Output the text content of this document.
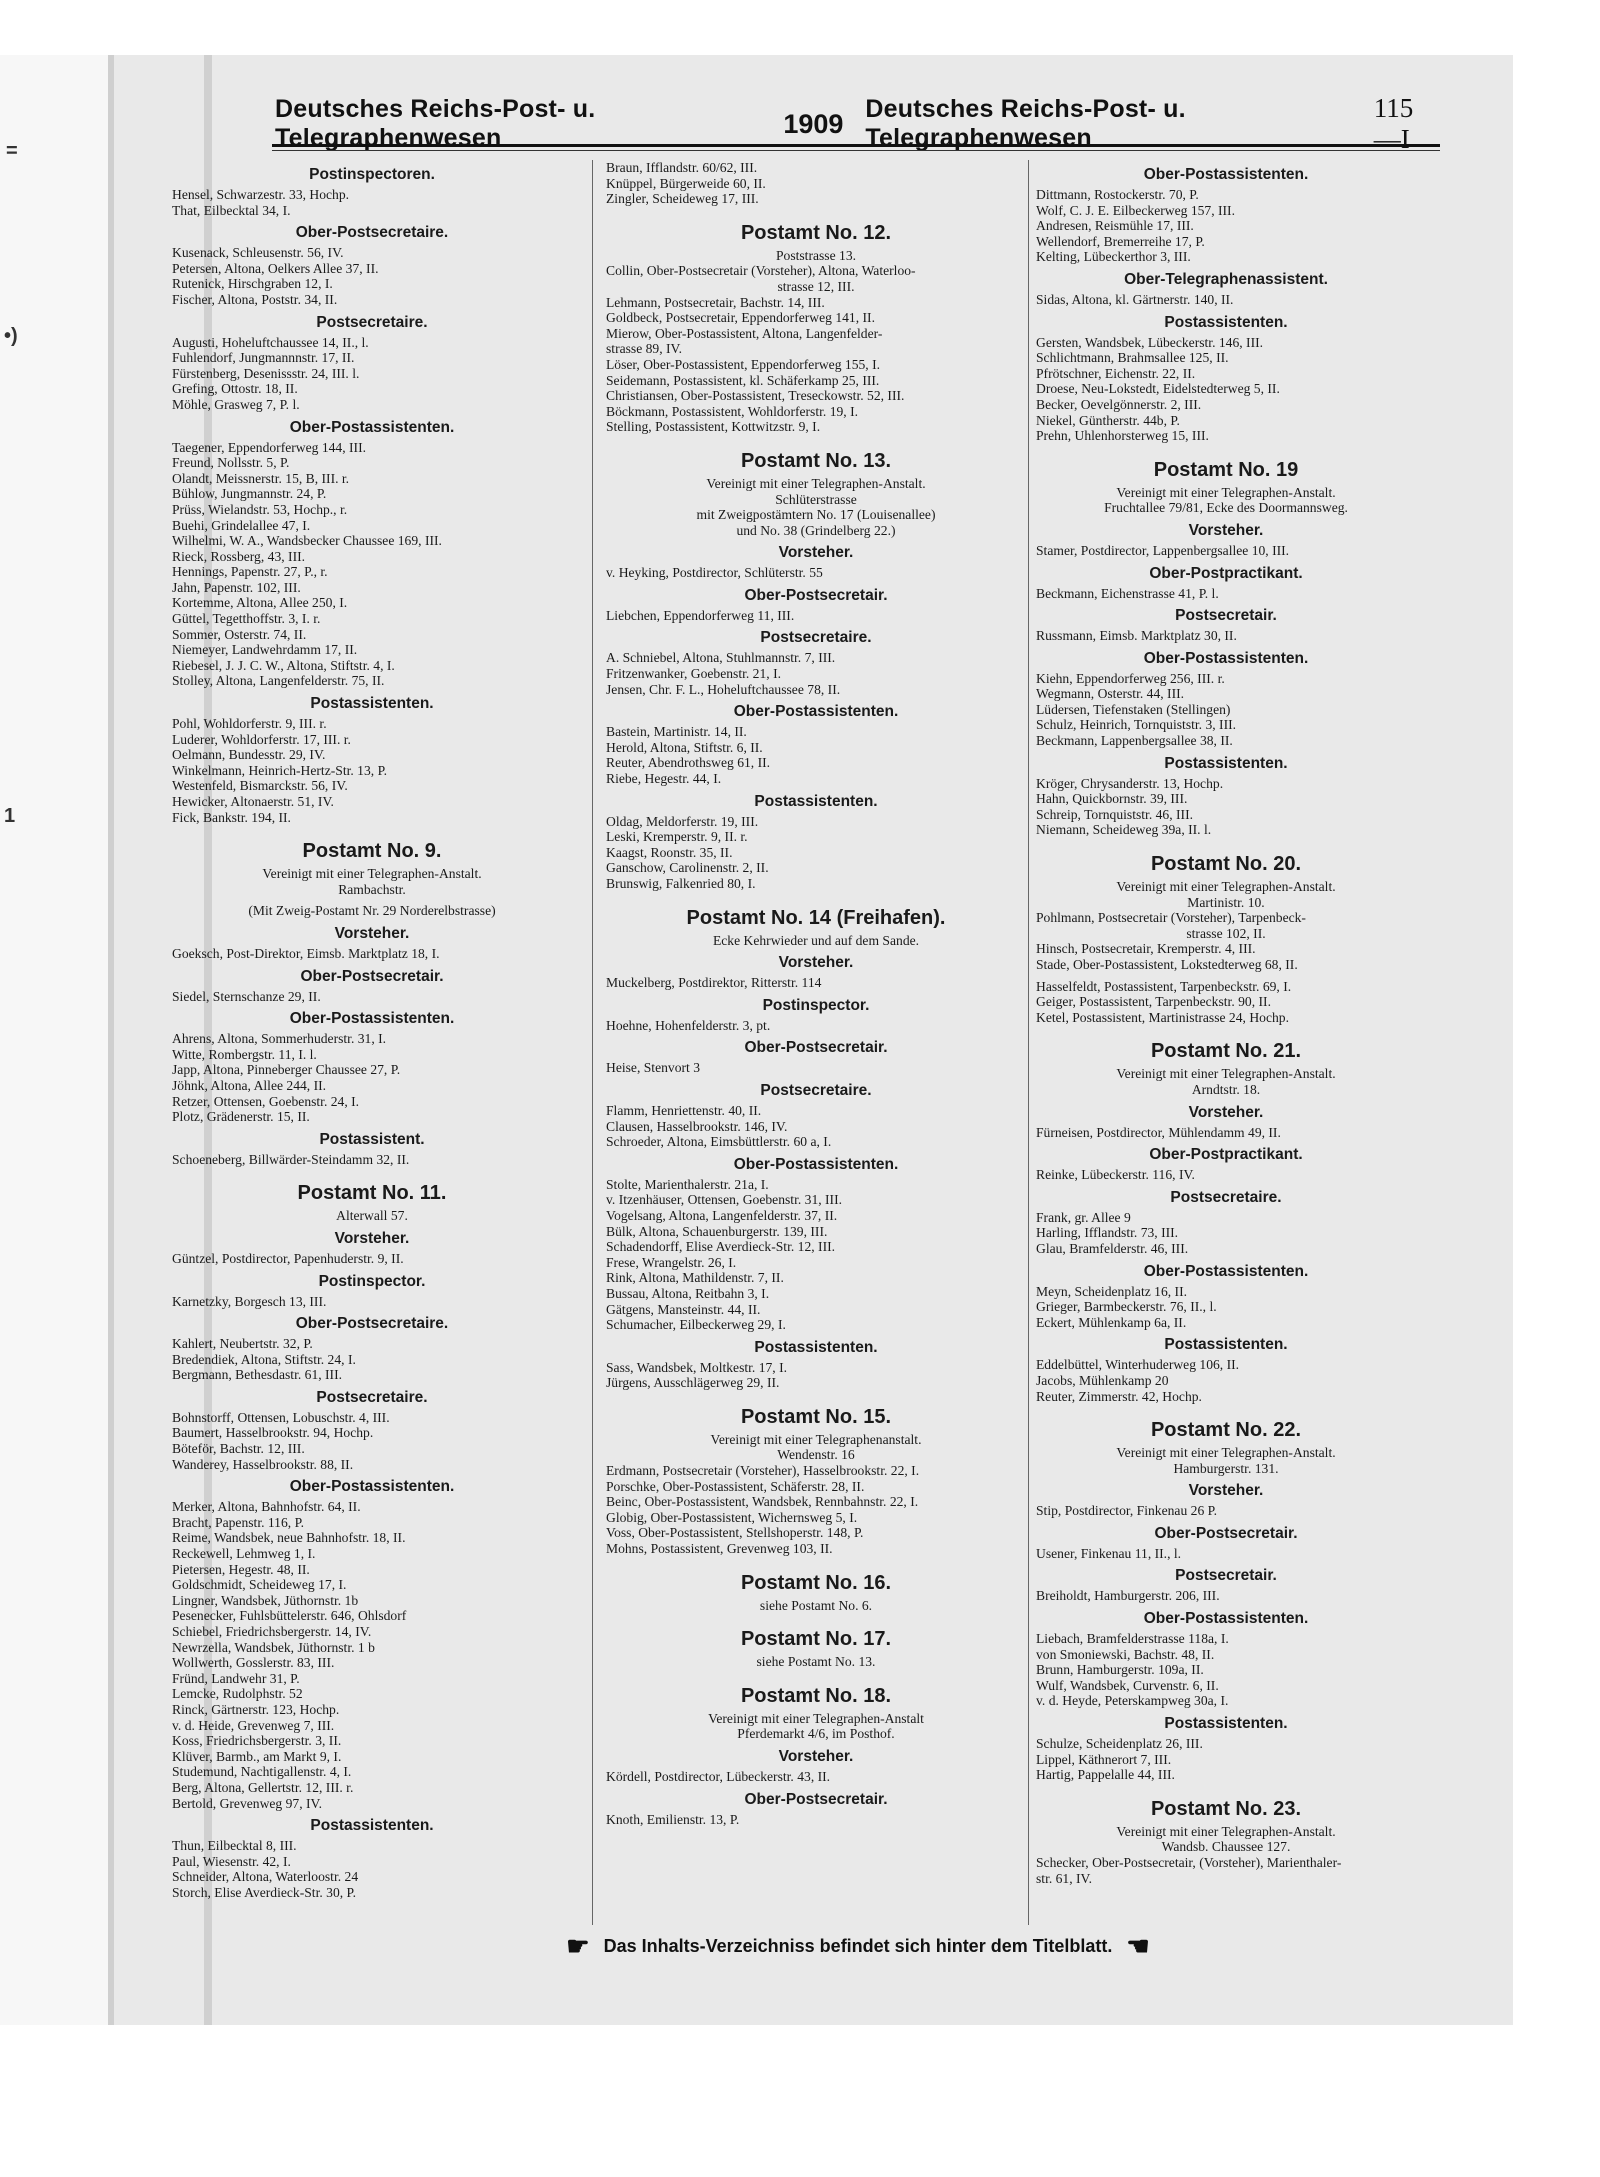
=
•)
1
Deutsches Reichs-Post- u. Telegraphenwesen	1909 Deutsches Reichs-Post- u. Telegraphenwesen
115—I
Postinspectoren.
Hensel, Schwarzestr. 33, Hochp.
That, Eilbecktal 34, I.
Ober-Postsecretaire.
Kusenack, Schleusenstr. 56, IV.
Petersen, Altona, Oelkers Allee 37, II.
Rutenick, Hirschgraben 12, I.
Fischer, Altona, Poststr. 34, II.
Postsecretaire.
Augusti, Hoheluftchaussee 14, II., l.
Fuhlendorf, Jungmannnstr. 17, II.
Fürstenberg, Desenissstr. 24, III. l.
Grefing, Ottostr. 18, II.
Möhle, Grasweg 7, P. l.
Ober-Postassistenten.
Taegener, Eppendorferweg 144, III.
Freund, Nollsstr. 5, P.
Olandt, Meissnerstr. 15, B, III. r.
Bühlow, Jungmannstr. 24, P.
Prüss, Wielandstr. 53, Hochp., r.
Buehi, Grindelallee 47, I.
Wilhelmi, W. A., Wandsbecker Chaussee 169, III.
Rieck, Rossberg, 43, III.
Hennings, Papenstr. 27, P., r.
Jahn, Papenstr. 102, III.
Kortemme, Altona, Allee 250, I.
Güttel, Tegetthoffstr. 3, I. r.
Sommer, Osterstr. 74, II.
Niemeyer, Landwehrdamm 17, II.
Riebesel, J. J. C. W., Altona, Stiftstr. 4, I.
Stolley, Altona, Langenfelderstr. 75, II.
Postassistenten.
Pohl, Wohldorferstr. 9, III. r.
Luderer, Wohldorferstr. 17, III. r.
Oelmann, Bundesstr. 29, IV.
Winkelmann, Heinrich-Hertz-Str. 13, P.
Westenfeld, Bismarckstr. 56, IV.
Hewicker, Altonaerstr. 51, IV.
Fick, Bankstr. 194, II.
Postamt No. 9.
Vereinigt mit einer Telegraphen-Anstalt.
Rambachstr.
(Mit Zweig-Postamt Nr. 29 Norderelbstrasse)
Vorsteher.
Goeksch, Post-Direktor, Eimsb. Marktplatz 18, I.
Ober-Postsecretair.
Siedel, Sternschanze 29, II.
Ober-Postassistenten.
Ahrens, Altona, Sommerhuderstr. 31, I.
Witte, Rombergstr. 11, I. l.
Japp, Altona, Pinneberger Chaussee 27, P.
Jöhnk, Altona, Allee 244, II.
Retzer, Ottensen, Goebenstr. 24, I.
Plotz, Grädenerstr. 15, II.
Postassistent.
Schoeneberg, Billwärder-Steindamm 32, II.
Postamt No. 11.
Alterwall 57.
Vorsteher.
Güntzel, Postdirector, Papenhuderstr. 9, II.
Postinspector.
Karnetzky, Borgesch 13, III.
Ober-Postsecretaire.
Kahlert, Neubertstr. 32, P.
Bredendiek, Altona, Stiftstr. 24, I.
Bergmann, Bethesdastr. 61, III.
Postsecretaire.
Bohnstorff, Ottensen, Lobuschstr. 4, III.
Baumert, Hasselbrookstr. 94, Hochp.
Böteför, Bachstr. 12, III.
Wanderey, Hasselbrookstr. 88, II.
Ober-Postassistenten.
Merker, Altona, Bahnhofstr. 64, II.
Bracht, Papenstr. 116, P.
Reime, Wandsbek, neue Bahnhofstr. 18, II.
Reckewell, Lehmweg 1, I.
Pietersen, Hegestr. 48, II.
Goldschmidt, Scheideweg 17, I.
Lingner, Wandsbek, Jüthornstr. 1b
Pesenecker, Fuhlsbüttelerstr. 646, Ohlsdorf
Schiebel, Friedrichsbergerstr. 14, IV.
Newrzella, Wandsbek, Jüthornstr. 1 b
Wollwerth, Gosslerstr. 83, III.
Fründ, Landwehr 31, P.
Lemcke, Rudolphstr. 52
Rinck, Gärtnerstr. 123, Hochp.
v. d. Heide, Grevenweg 7, III.
Koss, Friedrichsbergerstr. 3, II.
Klüver, Barmb., am Markt 9, I.
Studemund, Nachtigallenstr. 4, I.
Berg, Altona, Gellertstr. 12, III. r.
Bertold, Grevenweg 97, IV.
Postassistenten.
Thun, Eilbecktal 8, III.
Paul, Wiesenstr. 42, I.
Schneider, Altona, Waterloostr. 24
Storch, Elise Averdieck-Str. 30, P.
Braun, Ifflandstr. 60/62, III.
Knüppel, Bürgerweide 60, II.
Zingler, Scheideweg 17, III.
Postamt No. 12.
Poststrasse 13.
Collin, Ober-Postsecretair (Vorsteher), Altona, Waterloo-
strasse 12, III.
Lehmann, Postsecretair, Bachstr. 14, III.
Goldbeck, Postsecretair, Eppendorferweg 141, II.
Mierow, Ober-Postassistent, Altona, Langenfelder-
strasse 89, IV.
Löser, Ober-Postassistent, Eppendorferweg 155, I.
Seidemann, Postassistent, kl. Schäferkamp 25, III.
Christiansen, Ober-Postassistent, Treseckowstr. 52, III.
Böckmann, Postassistent, Wohldorferstr. 19, I.
Stelling, Postassistent, Kottwitzstr. 9, I.
Postamt No. 13.
Vereinigt mit einer Telegraphen-Anstalt.
Schlüterstrasse
mit Zweigpostämtern No. 17 (Louisenallee)
und No. 38 (Grindelberg 22.)
Vorsteher.
v. Heyking, Postdirector, Schlüterstr. 55
Ober-Postsecretair.
Liebchen, Eppendorferweg 11, III.
Postsecretaire.
A. Schniebel, Altona, Stuhlmannstr. 7, III.
Fritzenwanker, Goebenstr. 21, I.
Jensen, Chr. F. L., Hoheluftchaussee 78, II.
Ober-Postassistenten.
Bastein, Martinistr. 14, II.
Herold, Altona, Stiftstr. 6, II.
Reuter, Abendrothsweg 61, II.
Riebe, Hegestr. 44, I.
Postassistenten.
Oldag, Meldorferstr. 19, III.
Leski, Kremperstr. 9, II. r.
Kaagst, Roonstr. 35, II.
Ganschow, Carolinenstr. 2, II.
Brunswig, Falkenried 80, I.
Postamt No. 14 (Freihafen).
Ecke Kehrwieder und auf dem Sande.
Vorsteher.
Muckelberg, Postdirektor, Ritterstr. 114
Postinspector.
Hoehne, Hohenfelderstr. 3, pt.
Ober-Postsecretair.
Heise, Stenvort 3
Postsecretaire.
Flamm, Henriettenstr. 40, II.
Clausen, Hasselbrookstr. 146, IV.
Schroeder, Altona, Eimsbüttlerstr. 60 a, I.
Ober-Postassistenten.
Stolte, Marienthalerstr. 21a, I.
v. Itzenhäuser, Ottensen, Goebenstr. 31, III.
Vogelsang, Altona, Langenfelderstr. 37, II.
Bülk, Altona, Schauenburgerstr. 139, III.
Schadendorff, Elise Averdieck-Str. 12, III.
Frese, Wrangelstr. 26, I.
Rink, Altona, Mathildenstr. 7, II.
Bussau, Altona, Reitbahn 3, I.
Gätgens, Mansteinstr. 44, II.
Schumacher, Eilbeckerweg 29, I.
Postassistenten.
Sass, Wandsbek, Moltkestr. 17, I.
Jürgens, Ausschlägerweg 29, II.
Postamt No. 15.
Vereinigt mit einer Telegraphenanstalt.
Wendenstr. 16
Erdmann, Postsecretair (Vorsteher), Hasselbrookstr. 22, I.
Porschke, Ober-Postassistent, Schäferstr. 28, II.
Beinc, Ober-Postassistent, Wandsbek, Rennbahnstr. 22, I.
Globig, Ober-Postassistent, Wichernsweg 5, I.
Voss, Ober-Postassistent, Stellshoperstr. 148, P.
Mohns, Postassistent, Grevenweg 103, II.
Postamt No. 16.
siehe Postamt No. 6.
Postamt No. 17.
siehe Postamt No. 13.
Postamt No. 18.
Vereinigt mit einer Telegraphen-Anstalt
Pferdemarkt 4/6, im Posthof.
Vorsteher.
Kördell, Postdirector, Lübeckerstr. 43, II.
Ober-Postsecretair.
Knoth, Emilienstr. 13, P.
Ober-Postassistenten.
Dittmann, Rostockerstr. 70, P.
Wolf, C. J. E. Eilbeckerweg 157, III.
Andresen, Reismühle 17, III.
Wellendorf, Bremerreihe 17, P.
Kelting, Lübeckerthor 3, III.
Ober-Telegraphenassistent.
Sidas, Altona, kl. Gärtnerstr. 140, II.
Postassistenten.
Gersten, Wandsbek, Lübeckerstr. 146, III.
Schlichtmann, Brahmsallee 125, II.
Pfrötschner, Eichenstr. 22, II.
Droese, Neu-Lokstedt, Eidelstedterweg 5, II.
Becker, Oevelgönnerstr. 2, III.
Niekel, Güntherstr. 44b, P.
Prehn, Uhlenhorsterweg 15, III.
Postamt No. 19
Vereinigt mit einer Telegraphen-Anstalt.
Fruchtallee 79/81, Ecke des Doormannsweg.
Vorsteher.
Stamer, Postdirector, Lappenbergsallee 10, III.
Ober-Postpractikant.
Beckmann, Eichenstrasse 41, P. l.
Postsecretair.
Russmann, Eimsb. Marktplatz 30, II.
Ober-Postassistenten.
Kiehn, Eppendorferweg 256, III. r.
Wegmann, Osterstr. 44, III.
Lüdersen, Tiefenstaken (Stellingen)
Schulz, Heinrich, Tornquiststr. 3, III.
Beckmann, Lappenbergsallee 38, II.
Postassistenten.
Kröger, Chrysanderstr. 13, Hochp.
Hahn, Quickbornstr. 39, III.
Schreip, Tornquiststr. 46, III.
Niemann, Scheideweg 39a, II. l.
Postamt No. 20.
Vereinigt mit einer Telegraphen-Anstalt.
Martinistr. 10.
Pohlmann, Postsecretair (Vorsteher), Tarpenbeck-
strasse 102, II.
Hinsch, Postsecretair, Kremperstr. 4, III.
Stade, Ober-Postassistent, Lokstedterweg 68, II.
Hasselfeldt, Postassistent, Tarpenbeckstr. 69, I.
Geiger, Postassistent, Tarpenbeckstr. 90, II.
Ketel, Postassistent, Martinistrasse 24, Hochp.
Postamt No. 21.
Vereinigt mit einer Telegraphen-Anstalt.
Arndtstr. 18.
Vorsteher.
Fürneisen, Postdirector, Mühlendamm 49, II.
Ober-Postpractikant.
Reinke, Lübeckerstr. 116, IV.
Postsecretaire.
Frank, gr. Allee 9
Harling, Ifflandstr. 73, III.
Glau, Bramfelderstr. 46, III.
Ober-Postassistenten.
Meyn, Scheidenplatz 16, II.
Grieger, Barmbeckerstr. 76, II., l.
Eckert, Mühlenkamp 6a, II.
Postassistenten.
Eddelbüttel, Winterhuderweg 106, II.
Jacobs, Mühlenkamp 20
Reuter, Zimmerstr. 42, Hochp.
Postamt No. 22.
Vereinigt mit einer Telegraphen-Anstalt.
Hamburgerstr. 131.
Vorsteher.
Stip, Postdirector, Finkenau 26 P.
Ober-Postsecretair.
Usener, Finkenau 11, II., l.
Postsecretair.
Breiholdt, Hamburgerstr. 206, III.
Ober-Postassistenten.
Liebach, Bramfelderstrasse 118a, I.
von Smoniewski, Bachstr. 48, II.
Brunn, Hamburgerstr. 109a, II.
Wulf, Wandsbek, Curvenstr. 6, II.
v. d. Heyde, Peterskampweg 30a, I.
Postassistenten.
Schulze, Scheidenplatz 26, III.
Lippel, Käthnerort 7, III.
Hartig, Pappelalle 44, III.
Postamt No. 23.
Vereinigt mit einer Telegraphen-Anstalt.
Wandsb. Chaussee 127.
Schecker, Ober-Postsecretair, (Vorsteher), Marienthaler-
str. 61, IV.
☛ Das Inhalts-Verzeichniss befindet sich hinter dem Titelblatt. ☚
